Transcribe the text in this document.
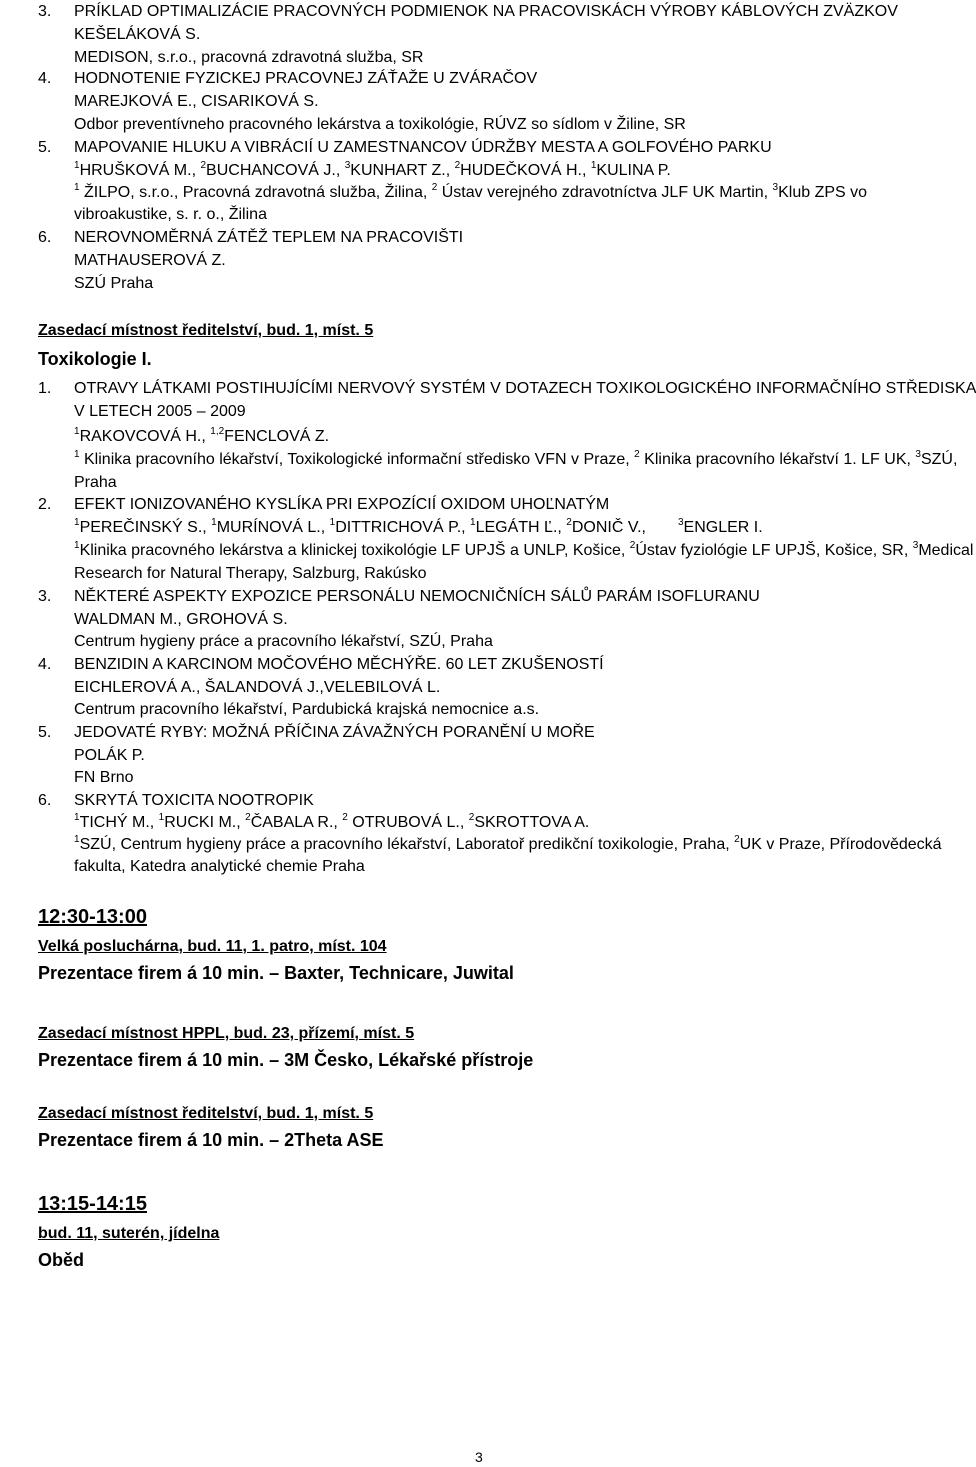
3. PRÍKLAD OPTIMALIZÁCIE PRACOVNÝCH PODMIENOK NA PRACOVISKÁCH VÝROBY KÁBLOVÝCH ZVÄZKOV
KEŠELÁKOVÁ S.
MEDISON, s.r.o., pracovná zdravotná služba, SR
4. HODNOTENIE FYZICKEJ PRACOVNEJ ZÁŤAŽE U ZVÁRAČOV
MAREJKOVÁ E., CISARIKOVÁ S.
Odbor preventívneho pracovného lekárstva a toxikológie, RÚVZ so sídlom v Žiline, SR
5. MAPOVANIE HLUKU A VIBRÁCIÍ U ZAMESTNANCOV ÚDRŽBY MESTA A GOLFOVÉHO PARKU
$^1$HRUŠKOVÁ M., $^2$BUCHANCOVÁ J., $^3$KUNHART Z., $^2$HUDEČKOVÁ H., $^1$KULINA P.
$^1$ ŽILPO, s.r.o., Pracovná zdravotná služba, Žilina, $^2$ Ústav verejného zdravotníctva JLF UK Martin, $^3$Klub ZPS vo
vibroakustike, s. r. o., Žilina
6. NEROVNOMĚRNÁ ZÁTĚŽ TEPLEM NA PRACOVIŠTI
MATHAUSEROVÁ Z.
SZÚ Praha
Zasedací místnost ředitelství, bud. 1, míst. 5
Toxikologie I.
1. OTRAVY LÁTKAMI POSTIHUJÍCÍMI NERVOVÝ SYSTÉM V DOTAZECH TOXIKOLOGICKÉHO INFORMAČNÍHO STŘEDISKA
V LETECH 2005 – 2009
$^1$RAKOVCOVÁ H., $^{1,2}$FENCLOVÁ Z.
$^1$ Klinika pracovního lékařství, Toxikologické informační středisko VFN v Praze, $^2$ Klinika pracovního lékařství 1. LF UK, $^3$SZÚ,
Praha
2. EFEKT IONIZOVANÉHO KYSLÍKA PRI EXPOZÍCIÍ OXIDOM UHOĽNATÝM
$^1$PEREČINSKÝ S., $^1$MURÍNOVÁ L., $^1$DITTRICHOVÁ P., $^1$LEGÁTH Ľ., $^2$DONIČ V.,	$^3$ENGLER I.
$^1$Klinika pracovného lekárstva a klinickej toxikológie LF UPJŠ a UNLP, Košice, $^2$Ústav fyziológie LF UPJŠ, Košice, SR, $^3$Medical
Research for Natural Therapy, Salzburg, Rakúsko
3. NĚKTERÉ ASPEKTY EXPOZICE PERSONÁLU NEMOCNIČNÍCH SÁLŮ PARÁM ISOFLURANU
WALDMAN M., GROHOVÁ S.
Centrum hygieny práce a pracovního lékařství, SZÚ, Praha
4. BENZIDIN A KARCINOM MOČOVÉHO MĚCHÝŘE. 60 LET ZKUŠENOSTÍ
EICHLEROVÁ A., ŠALANDOVÁ J.,VELEBILOVÁ L.
Centrum pracovního lékařství, Pardubická krajská nemocnice a.s.
5. JEDOVATÉ RYBY: MOŽNÁ PŘÍČINA ZÁVAŽNÝCH PORANĚNÍ U MOŘE
POLÁK P.
FN Brno
6. SKRYTÁ TOXICITA NOOTROPIK
$^1$TICHÝ M., $^1$RUCKI M., $^2$ČABALA R., $^2$ OTRUBOVÁ L., $^2$SKROTTOVA A.
$^1$SZÚ, Centrum hygieny práce a pracovního lékařství, Laboratoř predikční toxikologie, Praha, $^2$UK v Praze, Přírodovědecká
fakulta, Katedra analytické chemie Praha
12:30-13:00
Velká posluchárna, bud. 11, 1. patro, míst. 104
Prezentace firem á 10 min. – Baxter, Technicare, Juwital
Zasedací místnost HPPL, bud. 23, přízemí, míst. 5
Prezentace firem á 10 min. – 3M Česko, Lékařské přístroje
Zasedací místnost ředitelství, bud. 1, míst. 5
Prezentace firem á 10 min. – 2Theta ASE
13:15-14:15
bud. 11, suterén, jídelna
Oběd
3
